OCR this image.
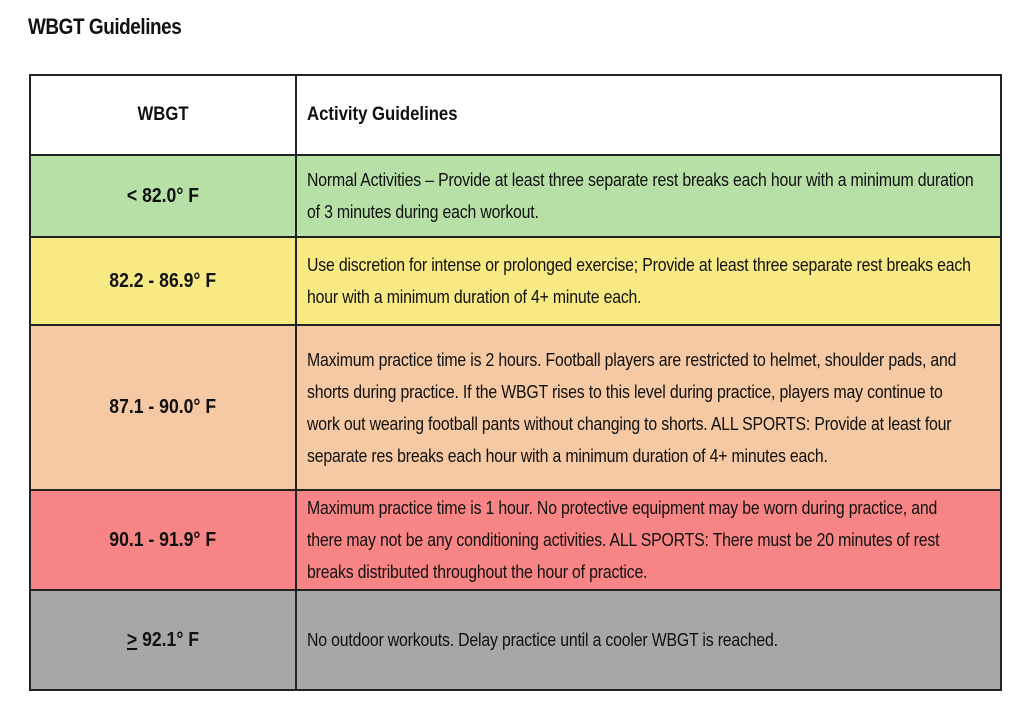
WBGT Guidelines
WBGT	Activity Guidelines
< 82.0° F	Normal Activities – Provide at least three separate rest breaks each hour with a minimum duration of 3 minutes during each workout.

82.2 - 86.9° F	Use discretion for intense or prolonged exercise; Provide at least three separate rest breaks each hour with a minimum duration of 4+ minute each.

87.1 - 90.0° F	Maximum practice time is 2 hours. Football players are restricted to helmet, shoulder pads, and shorts during practice. If the WBGT rises to this level during practice, players may continue to work out wearing football pants without changing to shorts. ALL SPORTS: Provide at least four separate res breaks each hour with a minimum duration of 4+ minutes each.

90.1 - 91.9° F	Maximum practice time is 1 hour. No protective equipment may be worn during practice, and there may not be any conditioning activities. ALL SPORTS: There must be 20 minutes of rest breaks distributed throughout the hour of practice.

≥ 92.1° F	No outdoor workouts. Delay practice until a cooler WBGT is reached.
